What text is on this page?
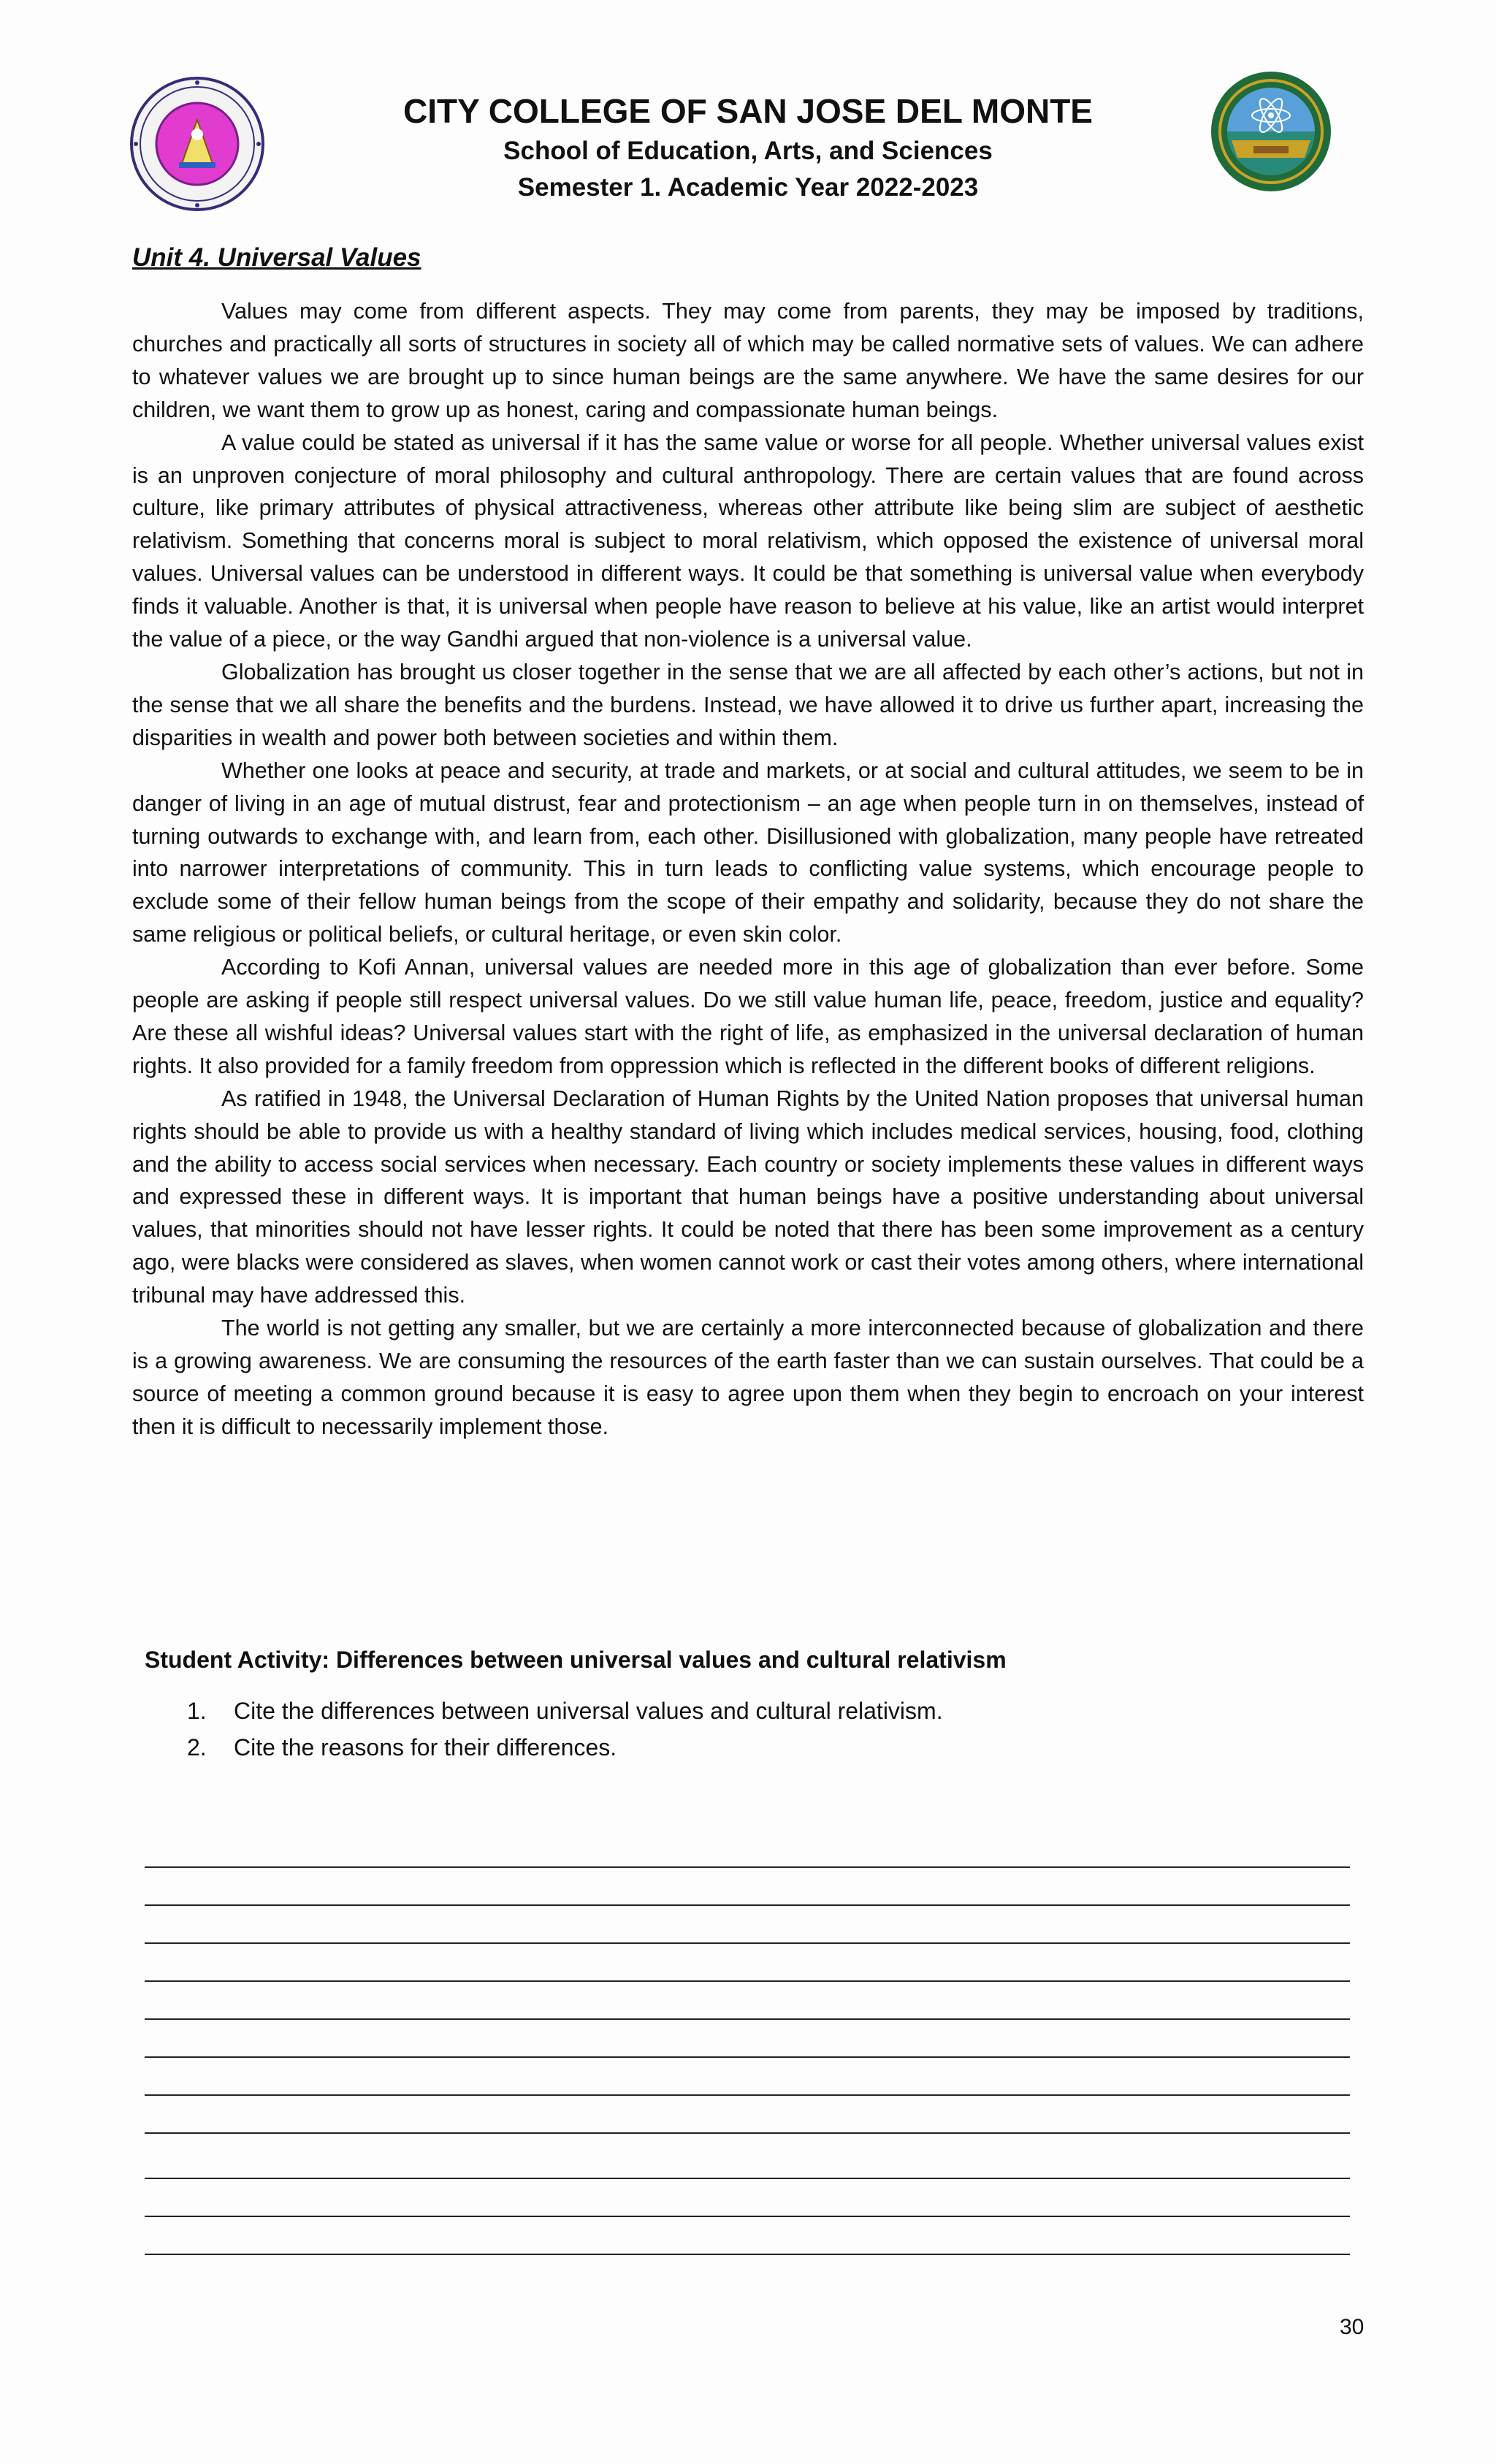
CITY COLLEGE OF SAN JOSE DEL MONTE
School of Education, Arts, and Sciences
Semester 1. Academic Year 2022-2023
Unit 4. Universal Values

Values may come from different aspects. They may come from parents, they may be imposed by traditions, churches and practically all sorts of structures in society all of which may be called normative sets of values. We can adhere to whatever values we are brought up to since human beings are the same anywhere. We have the same desires for our children, we want them to grow up as honest, caring and compassionate human beings.

A value could be stated as universal if it has the same value or worse for all people. Whether universal values exist is an unproven conjecture of moral philosophy and cultural anthropology. There are certain values that are found across culture, like primary attributes of physical attractiveness, whereas other attribute like being slim are subject of aesthetic relativism. Something that concerns moral is subject to moral relativism, which opposed the existence of universal moral values. Universal values can be understood in different ways. It could be that something is universal value when everybody finds it valuable. Another is that, it is universal when people have reason to believe at his value, like an artist would interpret the value of a piece, or the way Gandhi argued that non-violence is a universal value.

Globalization has brought us closer together in the sense that we are all affected by each other’s actions, but not in the sense that we all share the benefits and the burdens. Instead, we have allowed it to drive us further apart, increasing the disparities in wealth and power both between societies and within them.

Whether one looks at peace and security, at trade and markets, or at social and cultural attitudes, we seem to be in danger of living in an age of mutual distrust, fear and protectionism – an age when people turn in on themselves, instead of turning outwards to exchange with, and learn from, each other. Disillusioned with globalization, many people have retreated into narrower interpretations of community. This in turn leads to conflicting value systems, which encourage people to exclude some of their fellow human beings from the scope of their empathy and solidarity, because they do not share the same religious or political beliefs, or cultural heritage, or even skin color.

According to Kofi Annan, universal values are needed more in this age of globalization than ever before. Some people are asking if people still respect universal values. Do we still value human life, peace, freedom, justice and equality? Are these all wishful ideas? Universal values start with the right of life, as emphasized in the universal declaration of human rights. It also provided for a family freedom from oppression which is reflected in the different books of different religions.

As ratified in 1948, the Universal Declaration of Human Rights by the United Nation proposes that universal human rights should be able to provide us with a healthy standard of living which includes medical services, housing, food, clothing and the ability to access social services when necessary. Each country or society implements these values in different ways and expressed these in different ways. It is important that human beings have a positive understanding about universal values, that minorities should not have lesser rights. It could be noted that there has been some improvement as a century ago, were blacks were considered as slaves, when women cannot work or cast their votes among others, where international tribunal may have addressed this.

The world is not getting any smaller, but we are certainly a more interconnected because of globalization and there is a growing awareness. We are consuming the resources of the earth faster than we can sustain ourselves. That could be a source of meeting a common ground because it is easy to agree upon them when they begin to encroach on your interest then it is difficult to necessarily implement those.

Student Activity: Differences between universal values and cultural relativism
1. Cite the differences between universal values and cultural relativism.
2. Cite the reasons for their differences.
30
